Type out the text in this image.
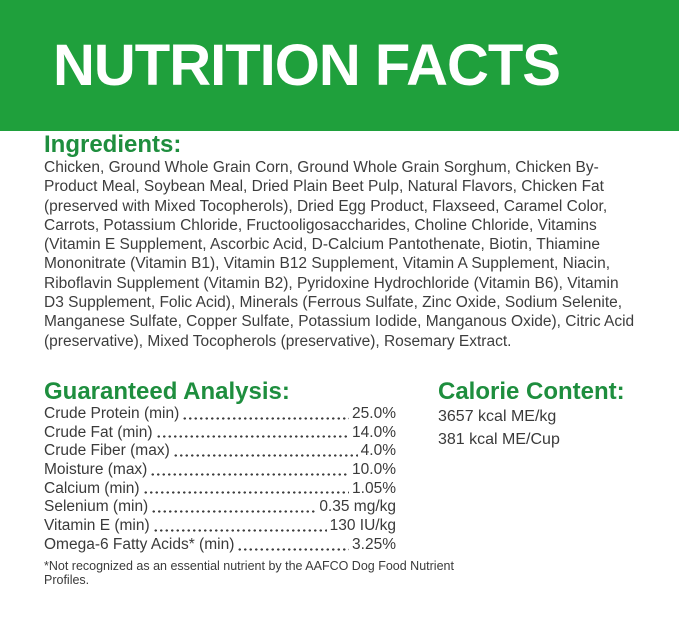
NUTRITION FACTS
Ingredients:
Chicken, Ground Whole Grain Corn, Ground Whole Grain Sorghum, Chicken By-Product Meal, Soybean Meal, Dried Plain Beet Pulp, Natural Flavors, Chicken Fat (preserved with Mixed Tocopherols), Dried Egg Product, Flaxseed, Caramel Color, Carrots, Potassium Chloride, Fructooligosaccharides, Choline Chloride, Vitamins (Vitamin E Supplement, Ascorbic Acid, D-Calcium Pantothenate, Biotin, Thiamine Mononitrate (Vitamin B1), Vitamin B12 Supplement, Vitamin A Supplement, Niacin, Riboflavin Supplement (Vitamin B2), Pyridoxine Hydrochloride (Vitamin B6), Vitamin D3 Supplement, Folic Acid), Minerals (Ferrous Sulfate, Zinc Oxide, Sodium Selenite, Manganese Sulfate, Copper Sulfate, Potassium Iodide, Manganous Oxide), Citric Acid (preservative), Mixed Tocopherols (preservative), Rosemary Extract.
Guaranteed Analysis:
Crude Protein (min)	25.0%
Crude Fat (min)	14.0%
Crude Fiber (max)	4.0%
Moisture (max)	10.0%
Calcium (min)	1.05%
Selenium (min)	0.35 mg/kg
Vitamin E (min)	130 IU/kg
Omega-6 Fatty Acids* (min)	3.25%
*Not recognized as an essential nutrient by the AAFCO Dog Food Nutrient Profiles.
Calorie Content:
3657 kcal ME/kg
381 kcal ME/Cup
